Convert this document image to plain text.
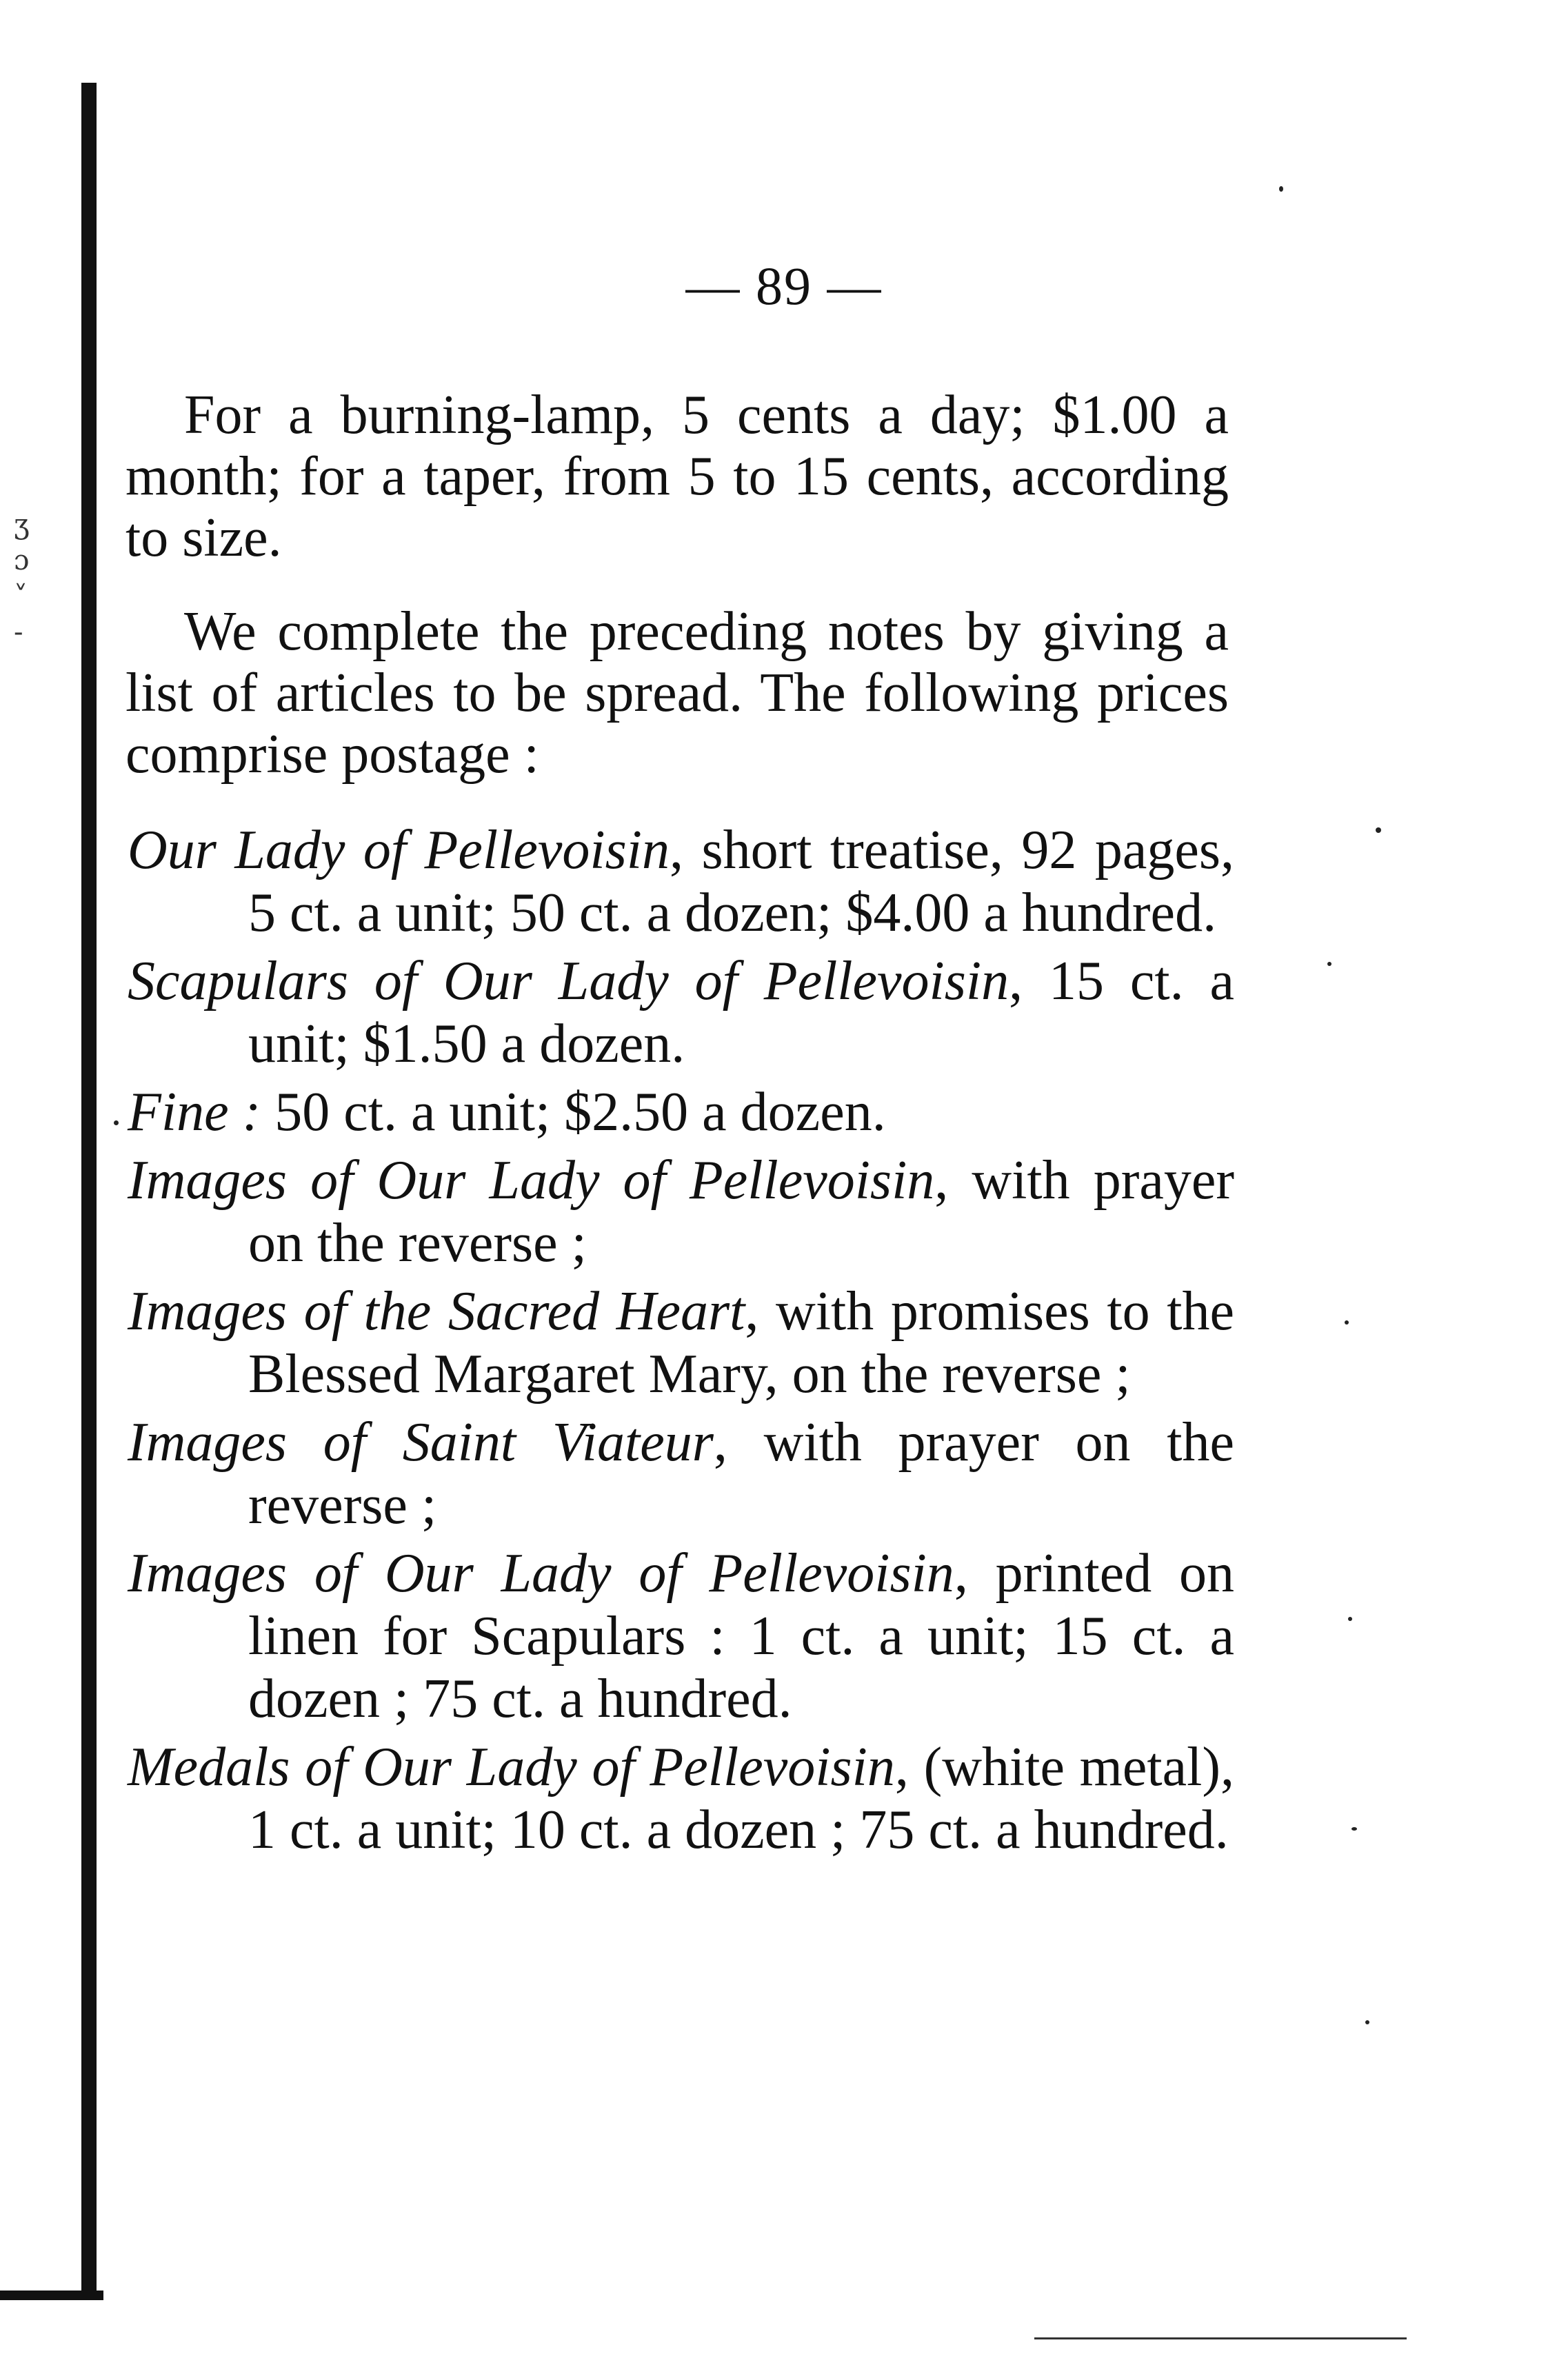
ʒ ɔ ˅ -
— 89 —

For a burning-lamp, 5 cents a day; $1.00 a month; for a taper, from 5 to 15 cents, according to size.

We complete the preceding notes by giving a list of articles to be spread. The following prices comprise postage :

Our Lady of Pellevoisin, short treatise, 92 pages, 5 ct. a unit; 50 ct. a dozen; $4.00 a hundred.

Scapulars of Our Lady of Pellevoisin, 15 ct. a unit; $1.50 a dozen.

Fine : 50 ct. a unit; $2.50 a dozen.

Images of Our Lady of Pellevoisin, with prayer on the reverse ;

Images of the Sacred Heart, with promises to the Blessed Margaret Mary, on the reverse ;

Images of Saint Viateur, with prayer on the reverse ;

Images of Our Lady of Pellevoisin, printed on linen for Scapulars : 1 ct. a unit; 15 ct. a dozen ; 75 ct. a hundred.

Medals of Our Lady of Pellevoisin, (white metal), 1 ct. a unit; 10 ct. a dozen ; 75 ct. a hundred.
